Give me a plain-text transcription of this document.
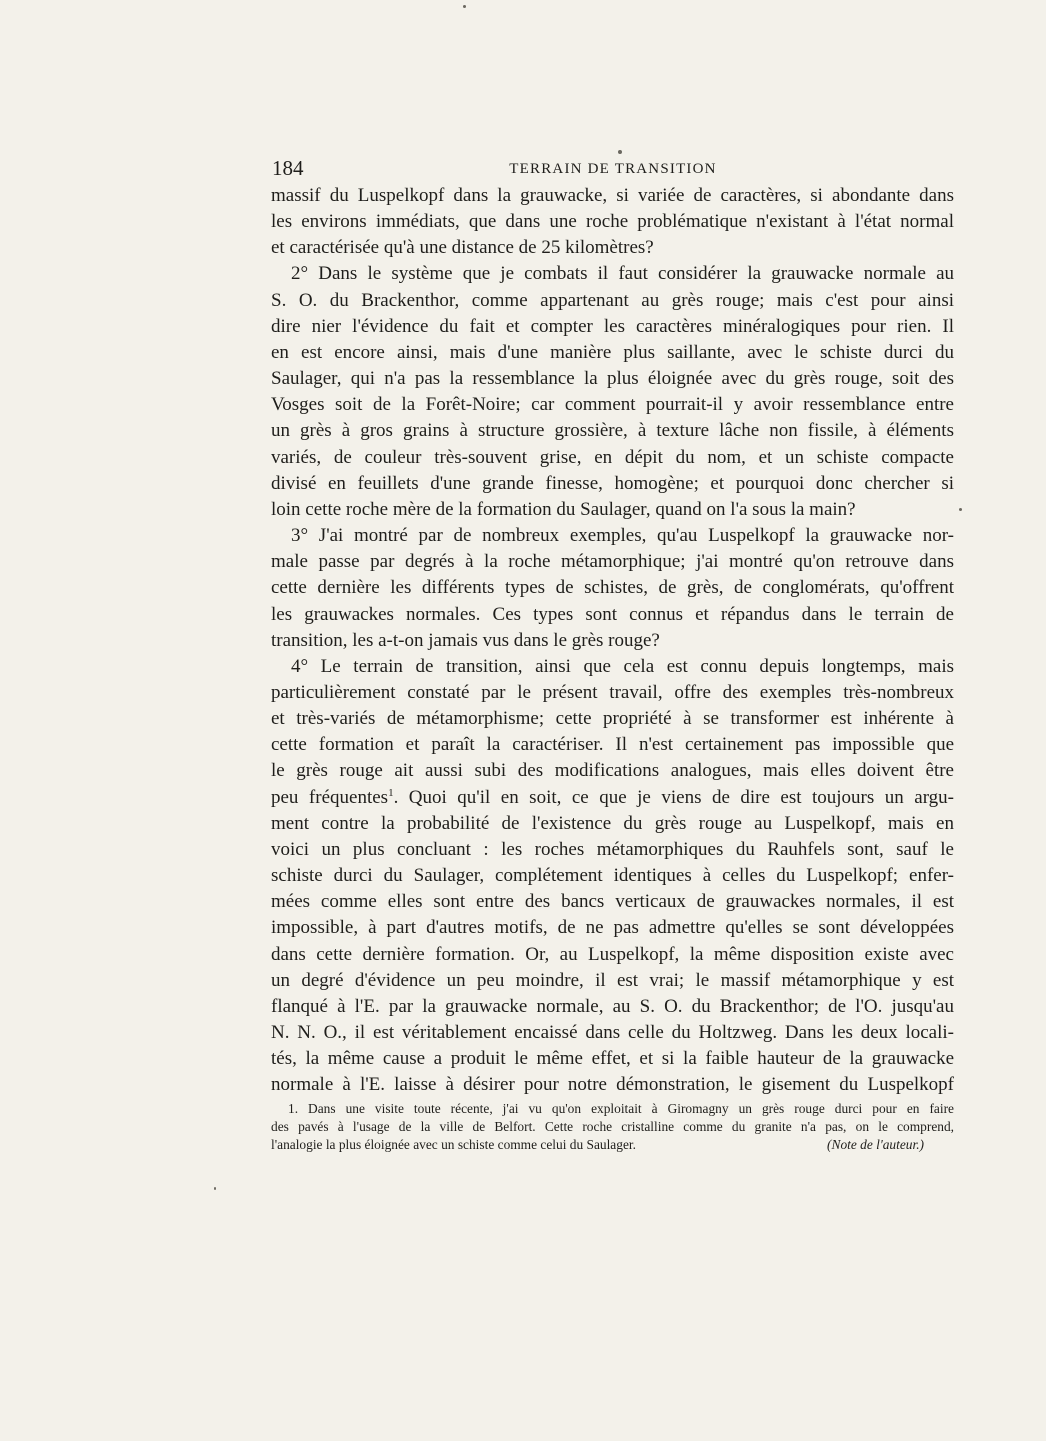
184	TERRAIN DE TRANSITION
massif du Luspelkopf dans la grauwacke, si variée de caractères, si abondante dans
les environs immédiats, que dans une roche problématique n'existant à l'état normal
et caractérisée qu'à une distance de 25 kilomètres?
2° Dans le système que je combats il faut considérer la grauwacke normale au
S. O. du Brackenthor, comme appartenant au grès rouge; mais c'est pour ainsi
dire nier l'évidence du fait et compter les caractères minéralogiques pour rien. Il
en est encore ainsi, mais d'une manière plus saillante, avec le schiste durci du
Saulager, qui n'a pas la ressemblance la plus éloignée avec du grès rouge, soit des
Vosges soit de la Forêt-Noire; car comment pourrait-il y avoir ressemblance entre
un grès à gros grains à structure grossière, à texture lâche non fissile, à éléments
variés, de couleur très-souvent grise, en dépit du nom, et un schiste compacte
divisé en feuillets d'une grande finesse, homogène; et pourquoi donc chercher si
loin cette roche mère de la formation du Saulager, quand on l'a sous la main?
3° J'ai montré par de nombreux exemples, qu'au Luspelkopf la grauwacke nor-
male passe par degrés à la roche métamorphique; j'ai montré qu'on retrouve dans
cette dernière les différents types de schistes, de grès, de conglomérats, qu'offrent
les grauwackes normales. Ces types sont connus et répandus dans le terrain de
transition, les a-t-on jamais vus dans le grès rouge?
4° Le terrain de transition, ainsi que cela est connu depuis longtemps, mais
particulièrement constaté par le présent travail, offre des exemples très-nombreux
et très-variés de métamorphisme; cette propriété à se transformer est inhérente à
cette formation et paraît la caractériser. Il n'est certainement pas impossible que
le grès rouge ait aussi subi des modifications analogues, mais elles doivent être
peu fréquentes$^1$. Quoi qu'il en soit, ce que je viens de dire est toujours un argu-
ment contre la probabilité de l'existence du grès rouge au Luspelkopf, mais en
voici un plus concluant : les roches métamorphiques du Rauhfels sont, sauf le
schiste durci du Saulager, complétement identiques à celles du Luspelkopf; enfer-
mées comme elles sont entre des bancs verticaux de grauwackes normales, il est
impossible, à part d'autres motifs, de ne pas admettre qu'elles se sont développées
dans cette dernière formation. Or, au Luspelkopf, la même disposition existe avec
un degré d'évidence un peu moindre, il est vrai; le massif métamorphique y est
flanqué à l'E. par la grauwacke normale, au S. O. du Brackenthor; de l'O. jusqu'au
N. N. O., il est véritablement encaissé dans celle du Holtzweg. Dans les deux locali-
tés, la même cause a produit le même effet, et si la faible hauteur de la grauwacke
normale à l'E. laisse à désirer pour notre démonstration, le gisement du Luspelkopf
1. Dans une visite toute récente, j'ai vu qu'on exploitait à Giromagny un grès rouge durci pour en faire
des pavés à l'usage de la ville de Belfort. Cette roche cristalline comme du granite n'a pas, on le comprend,
l'analogie la plus éloignée avec un schiste comme celui du Saulager.	(Note de l'auteur.)
